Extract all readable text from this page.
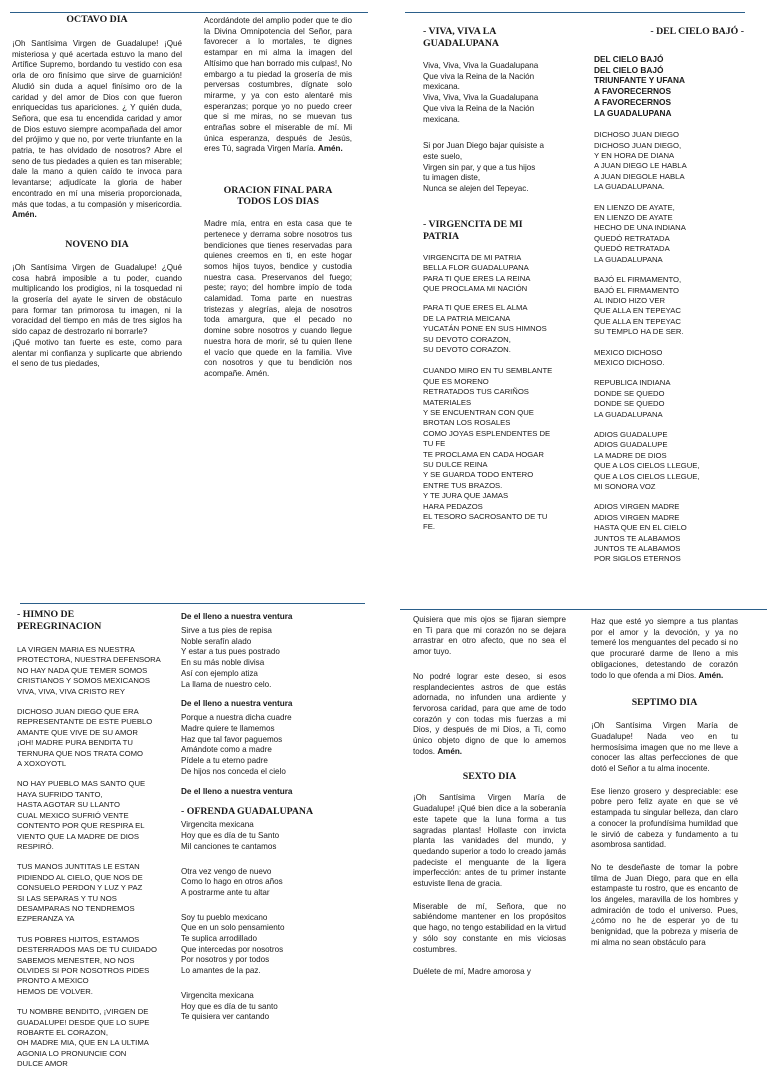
OCTAVO DIA

¡Oh Santísima Virgen de Guadalupe! ¡Qué misteriosa y qué acertada estuvo la mano del Artífice Supremo, bordando tu vestido con esa orla de oro finísimo que sirve de guarnición! Aludió sin duda a aquel finísimo oro de la caridad y del amor de Dios con que fueron enriquecidas tus apariciones. ¿ Y quién duda, Señora, que esa tu encendida caridad y amor de Dios estuvo siempre acompañada del amor del prójimo y que no, por verte triunfante en la patria, te has olvidado de nosotros? Abre el seno de tus piedades a quien es tan miserable; dale la mano a quien caído te invoca para levantarse; adjudícate la gloria de haber encontrado en mí una miseria proporcionada, más que todas, a tu compasión y misericordia. Amén.

NOVENO DIA

¡Oh Santísima Virgen de Guadalupe! ¿Qué cosa habrá imposible a tu poder, cuando multiplicando los prodigios, ni la tosquedad ni la grosería del ayate le sirven de obstáculo para formar tan primorosa tu imagen, ni la voracidad del tiempo en más de tres siglos ha sido capaz de destrozarlo ni borrarle?

¡Qué motivo tan fuerte es este, como para alentar mi confianza y suplicarte que abriendo el seno de tus piedades,

Acordándote del amplio poder que te dio la Divina Omnipotencia del Señor, para favorecer a lo mortales, te dignes estampar en mi alma la imagen del Altísimo que han borrado mis culpas!, No embargo a tu piedad la grosería de mis perversas costumbres, dígnate solo mirarme, y ya con esto alentaré mis esperanzas; porque yo no puedo creer que si me miras, no se muevan tus entrañas sobre el miserable de mí. Mi única esperanza, después de Jesús, eres Tú, sagrada Virgen María. Amén.

ORACION FINAL PARA
TODOS LOS DIAS

Madre mía, entra en esta casa que te pertenece y derrama sobre nosotros tus bendiciones que tienes reservadas para quienes creemos en ti, en este hogar somos hijos tuyos, bendice y custodia nuestra casa. Preservanos del fuego; peste; rayo; del hombre impío de toda calamidad. Toma parte en nuestras tristezas y alegrías, aleja de nosotros toda amargura, que el pecado no domine sobre nosotros y cuando llegue nuestra hora de morir, sé tu quien llene el vacío que quede en la familia. Vive con nosotros y que tu bendición nos acompañe. Amén.

- VIVA, VIVA LA
GUADALUPANA

Viva, Viva, Viva la Guadalupana
Que viva la Reina de la Nación
mexicana.
Viva, Viva, Viva la Guadalupana
Que viva la Reina de la Nación
mexicana.

Si por Juan Diego bajar quisiste a
este suelo,
Virgen sin par, y que a tus hijos
tu imagen diste,
Nunca se alejen del Tepeyac.

- VIRGENCITA DE MI
PATRIA

VIRGENCITA DE MI PATRIA
BELLA FLOR GUADALUPANA
PARA TI QUE ERES LA REINA
QUE PROCLAMA MI NACIÓN

PARA TI QUE ERES EL ALMA
DE LA PATRIA MEICANA
YUCATÁN PONE EN SUS HIMNOS
SU DEVOTO CORAZON,
SU DEVOTO CORAZON.

CUANDO MIRO EN TU SEMBLANTE
QUE ES MORENO
RETRATADOS TUS CARIÑOS
MATERIALES
Y SE ENCUENTRAN CON QUE
BROTAN LOS ROSALES
COMO JOYAS ESPLENDENTES DE
TU FE
TE PROCLAMA EN CADA HOGAR
SU DULCE REINA
Y SE GUARDA TODO ENTERO
ENTRE TUS BRAZOS.
Y TE JURA QUE JAMAS
HARA PEDAZOS
EL TESORO SACROSANTO DE TU
FE.

- DEL CIELO BAJÓ -

DEL CIELO BAJÓ
DEL CIELO BAJÓ
TRIUNFANTE Y UFANA
A FAVORECERNOS
A FAVORECERNOS
LA GUADALUPANA

DICHOSO JUAN DIEGO
DICHOSO JUAN DIEGO,
Y EN HORA DE DIANA
A JUAN DIEGO LE HABLA
A JUAN DIEGOLE HABLA
LA GUADALUPANA.

EN LIENZO DE AYATE,
EN LIENZO DE AYATE
HECHO DE UNA INDIANA
QUEDÓ RETRATADA
QUEDÓ RETRATADA
LA GUADALUPANA

BAJÓ EL FIRMAMENTO,
BAJÓ EL FIRMAMENTO
AL INDIO HIZO VER
QUE ALLA EN TEPEYAC
QUE ALLA EN TEPEYAC
SU TEMPLO HA DE SER.

MEXICO DICHOSO
MEXICO DICHOSO.

REPUBLICA INDIANA
DONDE SE QUEDO
DONDE SE QUEDO
LA GUADALUPANA

ADIOS GUADALUPE
ADIOS GUADALUPE
LA MADRE DE DIOS
QUE A LOS CIELOS LLEGUE,
QUE A LOS CIELOS LLEGUE,
MI SONORA VOZ

ADIOS VIRGEN MADRE
ADIOS VIRGEN MADRE
HASTA QUE EN EL CIELO
JUNTOS TE ALABAMOS
JUNTOS TE ALABAMOS
POR SIGLOS ETERNOS

- HIMNO DE
PEREGRINACION

LA VIRGEN MARIA ES NUESTRA
PROTECTORA, NUESTRA DEFENSORA
NO HAY NADA QUE TEMER SOMOS
CRISTIANOS Y SOMOS MEXICANOS
VIVA, VIVA, VIVA CRISTO REY

DICHOSO JUAN DIEGO QUE ERA
REPRESENTANTE DE ESTE PUEBLO
AMANTE QUE VIVE DE SU AMOR
¡OH! MADRE PURA BENDITA TU
TERNURA QUE NOS TRATA COMO
A XOXOYOTL

NO HAY PUEBLO MAS SANTO QUE
HAYA SUFRIDO TANTO,
HASTA AGOTAR SU LLANTO
CUAL MEXICO SUFRIÓ VENTE
CONTENTO POR QUE RESPIRA EL
VIENTO QUE LA MADRE DE DIOS
RESPIRÓ.

TUS MANOS JUNTITAS LE ESTAN
PIDIENDO AL CIELO, QUE NOS DE
CONSUELO PERDON Y LUZ Y PAZ
SI LAS SEPARAS Y TU NOS
DESAMPARAS NO TENDREMOS
EZPERANZA YA

TUS POBRES HIJITOS, ESTAMOS
DESTERRADOS MAS DE TU CUIDADO
SABEMOS MENESTER, NO NOS
OLVIDES SI POR NOSOTROS PIDES
PRONTO A MEXICO
HEMOS DE VOLVER.

TU NOMBRE BENDITO, ¡VIRGEN DE
GUADALUPE! DESDE QUE LO SUPE
ROBARTE EL CORAZON,
OH MADRE MIA, QUE EN LA ULTIMA
AGONIA LO PRONUNCIE CON
DULCE AMOR

De el lleno a nuestra ventura

Sirve a tus pies de repisa
Noble serafín alado
Y estar a tus pues postrado
En su más noble divisa
Así con ejemplo atiza
La llama de nuestro celo.

De el lleno a nuestra ventura

Porque a nuestra dicha cuadre
Madre quiere te llamemos
Haz que tal favor paguemos
Amándote como a madre
Pídele a tu eterno padre
De hijos nos conceda el cielo

De el lleno a nuestra ventura

- OFRENDA GUADALUPANA

Virgencita mexicana
Hoy que es día de tu Santo
Mil canciones te cantamos

Otra vez vengo de nuevo
Como lo hago en otros años
A postrarme ante tu altar

Soy tu pueblo mexicano
Que en un solo pensamiento
Te suplica arrodillado
Que intercedas por nosotros
Por nosotros y por todos
Lo amantes de la paz.

Virgencita mexicana
Hoy que es día de tu santo
Te quisiera ver cantando

Quisiera que mis ojos se fijaran siempre en Ti para que mi corazón no se dejara arrastrar en otro afecto, que no sea el amor tuyo.

No podré lograr este deseo, si esos resplandecientes astros de que estás adornada, no infunden una ardiente y fervorosa caridad, para que ame de todo corazón y con todas mis fuerzas a mi Dios, y después de mi Dios, a Ti, como único objeto digno de que lo amemos todos. Amén.

SEXTO DIA

¡Oh Santísima Virgen María de Guadalupe! ¡Qué bien dice a la soberanía este tapete que la luna forma a tus sagradas plantas! Hollaste con invicta planta las vanidades del mundo, y quedando superior a todo lo creado jamás padeciste el menguante de la ligera imperfección: antes de tu primer instante estuviste llena de gracia.

Miserable de mí, Señora, que no sabiéndome mantener en los propósitos que hago, no tengo estabilidad en la virtud y sólo soy constante en mis viciosas costumbres.

Duélete de mí, Madre amorosa y

Haz que esté yo siempre a tus plantas por el amor y la devoción, y ya no temeré los menguantes del pecado si no que procuraré darme de lleno a mis obligaciones, detestando de corazón todo lo que ofenda a mi Dios. Amén.

SEPTIMO DIA

¡Oh Santísima Virgen María de Guadalupe! Nada veo en tu hermosísima imagen que no me lleve a conocer las altas perfecciones de que dotó el Señor a tu alma inocente.

Ese lienzo grosero y despreciable: ese pobre pero feliz ayate en que se vé estampada tu singular belleza, dan claro a conocer la profundísima humildad que le sirvió de cabeza y fundamento a tu asombrosa santidad.

No te desdeñaste de tomar la pobre tilma de Juan Diego, para que en ella estampaste tu rostro, que es encanto de los ángeles, maravilla de los hombres y admiración de todo el universo. Pues, ¿cómo no he de esperar yo de tu benignidad, que la pobreza y miseria de mi alma no sean obstáculo para
